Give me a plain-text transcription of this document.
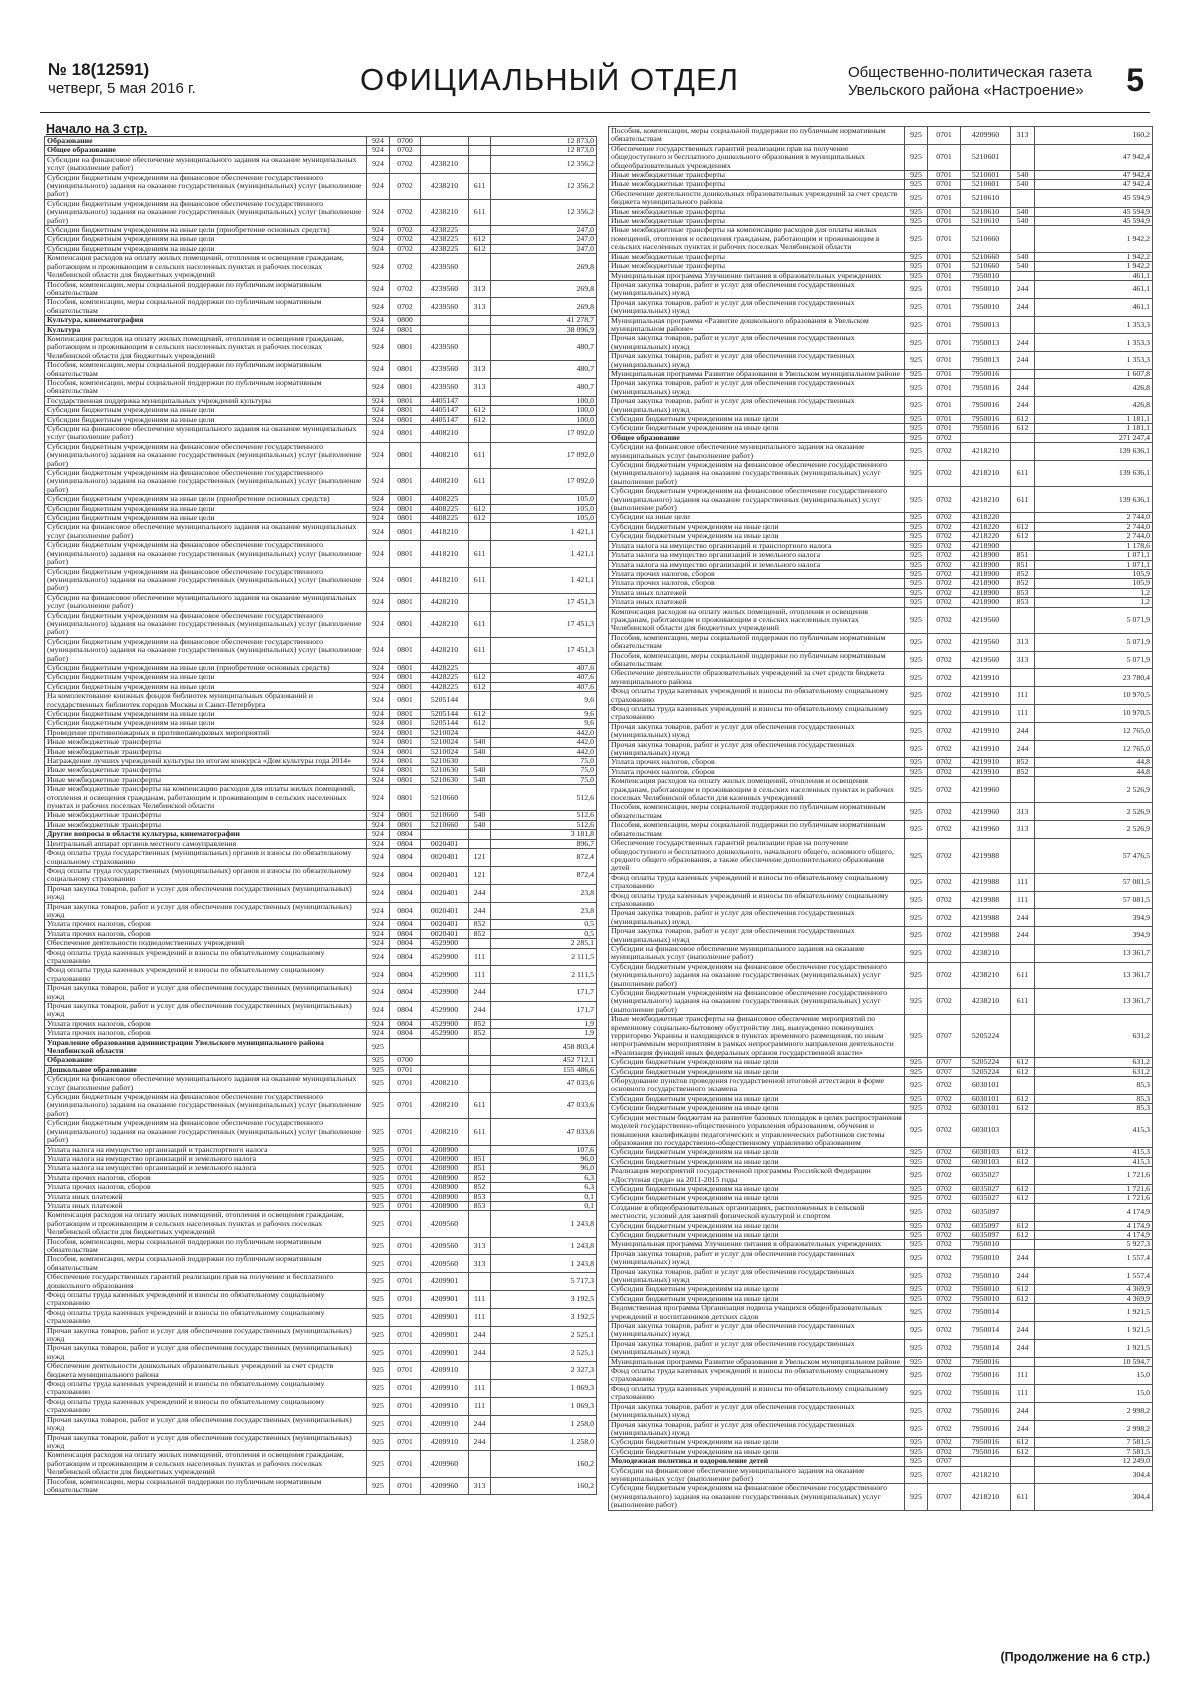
№ 18(12591)
четверг, 5 мая 2016 г.	ОФИЦИАЛЬНЫЙ ОТДЕЛ	Общественно-политическая газета
Увельского района «Настроение» 5
Начало на 3 стр.
Образование	924	0700			12 873,0
Общее образование	924	0702			12 873,0
Субсидии на финансовое обеспечение муниципального задания на оказание муниципальных услуг (выполнение работ)	924	0702	4238210		12 356,2
Субсидии бюджетным учреждениям на финансовое обеспечение государственного (муниципального) задания на оказание государственных (муниципальных) услуг (выполнение работ)	924	0702	4238210	611	12 356,2
Субсидии бюджетным учреждениям на финансовое обеспечение государственного (муниципального) задания на оказание государственных (муниципальных) услуг (выполнение работ)	924	0702	4238210	611	12 356,2
Субсидии бюджетным учреждениям на иные цели (приобретение основных средств)	924	0702	4238225		247,0
Субсидии бюджетным учреждениям на иные цели	924	0702	4238225	612	247,0
Субсидии бюджетным учреждениям на иные цели	924	0702	4238225	612	247,0
Компенсация расходов на оплату жилых помещений, отопления и освещения гражданам, работающим и проживающим в сельских населенных пунктах и рабочих поселках Челябинской области для бюджетных учреждений	924	0702	4239560		269,8
Пособия, компенсации, меры социальной поддержки по публичным нормативным обязательствам	924	0702	4239560	313	269,8
Пособия, компенсации, меры социальной поддержки по публичным нормативным обязательствам	924	0702	4239560	313	269,8
Культура, кинематография	924	0800			41 278,7
Культура	924	0801			38 096,9
Компенсация расходов на оплату жилых помещений, отопления и освещения гражданам, работающим и проживающим в сельских населенных пунктах и рабочих поселках Челябинской области для бюджетных учреждений	924	0801	4239560		480,7
Пособия, компенсации, меры социальной поддержки по публичным нормативным обязательствам	924	0801	4239560	313	480,7
Пособия, компенсации, меры социальной поддержки по публичным нормативным обязательствам	924	0801	4239560	313	480,7
Государственная поддержка муниципальных учреждений культуры	924	0801	4405147		100,0
Субсидии бюджетным учреждениям на иные цели	924	0801	4405147	612	100,0
Субсидии бюджетным учреждениям на иные цели	924	0801	4405147	612	100,0
Субсидии на финансовое обеспечение муниципального задания на оказание муниципальных услуг (выполнение работ)	924	0801	4408210		17 092,0
Субсидии бюджетным учреждениям на финансовое обеспечение государственного (муниципального) задания на оказание государственных (муниципальных) услуг (выполнение работ)	924	0801	4408210	611	17 092,0
Субсидии бюджетным учреждениям на финансовое обеспечение государственного (муниципального) задания на оказание государственных (муниципальных) услуг (выполнение работ)	924	0801	4408210	611	17 092,0
Субсидии бюджетным учреждениям на иные цели (приобретение основных средств)	924	0801	4408225		105,0
Субсидии бюджетным учреждениям на иные цели	924	0801	4408225	612	105,0
Субсидии бюджетным учреждениям на иные цели	924	0801	4408225	612	105,0
Субсидии на финансовое обеспечение муниципального задания на оказание муниципальных услуг (выполнение работ)	924	0801	4418210		1 421,1
Субсидии бюджетным учреждениям на финансовое обеспечение государственного (муниципального) задания на оказание государственных (муниципальных) услуг (выполнение работ)	924	0801	4418210	611	1 421,1
Субсидии бюджетным учреждениям на финансовое обеспечение государственного (муниципального) задания на оказание государственных (муниципальных) услуг (выполнение работ)	924	0801	4418210	611	1 421,1
Субсидии на финансовое обеспечение муниципального задания на оказание муниципальных услуг (выполнение работ)	924	0801	4428210		17 451,3
Субсидии бюджетным учреждениям на финансовое обеспечение государственного (муниципального) задания на оказание государственных (муниципальных) услуг (выполнение работ)	924	0801	4428210	611	17 451,3
Субсидии бюджетным учреждениям на финансовое обеспечение государственного (муниципального) задания на оказание государственных (муниципальных) услуг (выполнение работ)	924	0801	4428210	611	17 451,3
Субсидии бюджетным учреждениям на иные цели (приобретение основных средств)	924	0801	4428225		407,6
Субсидии бюджетным учреждениям на иные цели	924	0801	4428225	612	407,6
Субсидии бюджетным учреждениям на иные цели	924	0801	4428225	612	407,6
На комплектование книжных фондов библиотек муниципальных образований и государственных библиотек городов Москвы и Санкт-Петербурга	924	0801	5205144		9,6
Субсидии бюджетным учреждениям на иные цели	924	0801	5205144	612	9,6
Субсидии бюджетным учреждениям на иные цели	924	0801	5205144	612	9,6
Проведение противопожарных и противопаводковых мероприятий	924	0801	5210024		442,0
Иные межбюджетные трансферты	924	0801	5210024	540	442,0
Иные межбюджетные трансферты	924	0801	5210024	540	442,0
Награждение лучших учреждений культуры по итогам конкурса «Дом культуры года 2014»	924	0801	5210630		75,0
Иные межбюджетные трансферты	924	0801	5210630	540	75,0
Иные межбюджетные трансферты	924	0801	5210630	540	75,0
Иные межбюджетные трансферты на компенсацию расходов для оплаты жилых помещений, отопления и освещения гражданам, работающим и проживающим в сельских населенных пунктах и рабочих поселках Челябинской области	924	0801	5210660		512,6
Иные межбюджетные трансферты	924	0801	5210660	540	512,6
Иные межбюджетные трансферты	924	0801	5210660	540	512,6
Другие вопросы в области культуры, кинематографии	924	0804			3 181,8
Центральный аппарат органов местного самоуправления	924	0804	0020401		896,7
Фонд оплаты труда государственных (муниципальных) органов и взносы по обязательному социальному страхованию	924	0804	0020401	121	872,4
Фонд оплаты труда государственных (муниципальных) органов и взносы по обязательному социальному страхованию	924	0804	0020401	121	872,4
Прочая закупка товаров, работ и услуг для обеспечения государственных (муниципальных) нужд	924	0804	0020401	244	23,8
Прочая закупка товаров, работ и услуг для обеспечения государственных (муниципальных) нужд	924	0804	0020401	244	23,8
Уплата прочих налогов, сборов	924	0804	0020401	852	0,5
Уплата прочих налогов, сборов	924	0804	0020401	852	0,5
Обеспечение деятельности подведомственных учреждений	924	0804	4529900		2 285,1
Фонд оплаты труда казенных учреждений и взносы по обязательному социальному страхованию	924	0804	4529900	111	2 111,5
Фонд оплаты труда казенных учреждений и взносы по обязательному социальному страхованию	924	0804	4529900	111	2 111,5
Прочая закупка товаров, работ и услуг для обеспечения государственных (муниципальных) нужд	924	0804	4529900	244	171,7
Прочая закупка товаров, работ и услуг для обеспечения государственных (муниципальных) нужд	924	0804	4529900	244	171,7
Уплата прочих налогов, сборов	924	0804	4529900	852	1,9
Уплата прочих налогов, сборов	924	0804	4529900	852	1,9
Управление образования администрации Увельского муниципального района Челябинской области	925				458 803,4
Образование	925	0700			452 712,1
Дошкольное образование	925	0701			155 486,6
Субсидии на финансовое обеспечение муниципального задания на оказание муниципальных услуг (выполнение работ)	925	0701	4208210		47 033,6
Субсидии бюджетным учреждениям на финансовое обеспечение государственного (муниципального) задания на оказание государственных (муниципальных) услуг (выполнение работ)	925	0701	4208210	611	47 033,6
Субсидии бюджетным учреждениям на финансовое обеспечение государственного (муниципального) задания на оказание государственных (муниципальных) услуг (выполнение работ)	925	0701	4208210	611	47 033,6
Уплата налога на имущество организаций и транспортного налога	925	0701	4208900		107,6
Уплата налога на имущество организаций и земельного налога	925	0701	4208900	851	96,0
Уплата налога на имущество организаций и земельного налога	925	0701	4208900	851	96,0
Уплата прочих налогов, сборов	925	0701	4208900	852	6,3
Уплата прочих налогов, сборов	925	0701	4208900	852	6,3
Уплата иных платежей	925	0701	4208900	853	0,1
Уплата иных платежей	925	0701	4208900	853	0,1
Компенсация расходов на оплату жилых помещений, отопления и освещения гражданам, работающим и проживающим в сельских населенных пунктах и рабочих поселках Челябинской области для бюджетных учреждений	925	0701	4209560		1 243,8
Пособия, компенсации, меры социальной поддержки по публичным нормативным обязательствам	925	0701	4209560	313	1 243,8
Пособия, компенсации, меры социальной поддержки по публичным нормативным обязательствам	925	0701	4209560	313	1 243,8
Обеспечение государственных гарантий реализации прав на получение и бесплатного дошкольного образования	925	0701	4209901		5 717,3
Фонд оплаты труда казенных учреждений и взносы по обязательному социальному страхованию	925	0701	4209901	111	3 192,5
Фонд оплаты труда казенных учреждений и взносы по обязательному социальному страхованию	925	0701	4209901	111	3 192,5
Прочая закупка товаров, работ и услуг для обеспечения государственных (муниципальных) нужд	925	0701	4209901	244	2 525,1
Прочая закупка товаров, работ и услуг для обеспечения государственных (муниципальных) нужд	925	0701	4209901	244	2 525,1
Обеспечение деятельности дошкольных образовательных учреждений за счет средств бюджета муниципального района	925	0701	4209910		2 327,3
Фонд оплаты труда казенных учреждений и взносы по обязательному социальному страхованию	925	0701	4209910	111	1 069,3
Фонд оплаты труда казенных учреждений и взносы по обязательному социальному страхованию	925	0701	4209910	111	1 069,3
Прочая закупка товаров, работ и услуг для обеспечения государственных (муниципальных) нужд	925	0701	4209910	244	1 258,0
Прочая закупка товаров, работ и услуг для обеспечения государственных (муниципальных) нужд	925	0701	4209910	244	1 258,0
Компенсация расходов на оплату жилых помещений, отопления и освещения гражданам, работающим и проживающим в сельских населенных пунктах и рабочих поселках Челябинской области для бюджетных учреждений	925	0701	4209960		160,2
Пособия, компенсации, меры социальной поддержки по публичным нормативным обязательствам	925	0701	4209960	313	160,2
Пособия, компенсации, меры социальной поддержки по публичным нормативным обязательствам	925	0701	4209960	313	160,2
Обеспечение государственных гарантий реализации прав на получение общедоступного и бесплатного дошкольного образования в муниципальных общеобразовательных учреждениях	925	0701	5210601		47 942,4
Иные межбюджетные трансферты	925	0701	5210601	540	47 942,4
Иные межбюджетные трансферты	925	0701	5210601	540	47 942,4
Обеспечение деятельности дошкольных образовательных учреждений за счет средств бюджета муниципального района	925	0701	5210610		45 594,9
Иные межбюджетные трансферты	925	0701	5210610	540	45 594,9
Иные межбюджетные трансферты	925	0701	5210610	540	45 594,9
Иные межбюджетные трансферты на компенсацию расходов для оплаты жилых помещений, отопления и освещения гражданам, работающим и проживающим в сельских населенных пунктах и рабочих поселках Челябинской области	925	0701	5210660		1 942,2
Иные межбюджетные трансферты	925	0701	5210660	540	1 942,2
Иные межбюджетные трансферты	925	0701	5210660	540	1 942,2
Муниципальная программа Улучшение питания в образовательных учреждениях	925	0701	7950010		461,1
Прочая закупка товаров, работ и услуг для обеспечения государственных (муниципальных) нужд	925	0701	7950010	244	461,1
Прочая закупка товаров, работ и услуг для обеспечения государственных (муниципальных) нужд	925	0701	7950010	244	461,1
Муниципальная программа «Развитие дошкольного образования в Увельском муниципальном районе»	925	0701	7950013		1 353,3
Прочая закупка товаров, работ и услуг для обеспечения государственных (муниципальных) нужд	925	0701	7950013	244	1 353,3
Прочая закупка товаров, работ и услуг для обеспечения государственных (муниципальных) нужд	925	0701	7950013	244	1 353,3
Муниципальная программа Развитие образования в Увельском муниципальном районе	925	0701	7950016		1 607,8
Прочая закупка товаров, работ и услуг для обеспечения государственных (муниципальных) нужд	925	0701	7950016	244	426,8
Прочая закупка товаров, работ и услуг для обеспечения государственных (муниципальных) нужд	925	0701	7950016	244	426,8
Субсидии бюджетным учреждениям на иные цели	925	0701	7950016	612	1 181,1
Субсидии бюджетным учреждениям на иные цели	925	0701	7950016	612	1 181,1
Общее образование	925	0702			271 247,4
Субсидии на финансовое обеспечение муниципального задания на оказание муниципальных услуг (выполнение работ)	925	0702	4218210		139 636,1
Субсидии бюджетным учреждениям на финансовое обеспечение государственного (муниципального) задания на оказание государственных (муниципальных) услуг (выполнение работ)	925	0702	4218210	611	139 636,1
Субсидии бюджетным учреждениям на финансовое обеспечение государственного (муниципального) задания на оказание государственных (муниципальных) услуг (выполнение работ)	925	0702	4218210	611	139 636,1
Субсидии на иные цели	925	0702	4218220		2 744,0
Субсидии бюджетным учреждениям на иные цели	925	0702	4218220	612	2 744,0
Субсидии бюджетным учреждениям на иные цели	925	0702	4218220	612	2 744,0
Уплата налога на имущество организаций и транспортного налога	925	0702	4218900		1 178,6
Уплата налога на имущество организаций и земельного налога	925	0702	4218900	851	1 071,1
Уплата налога на имущество организаций и земельного налога	925	0702	4218900	851	1 071,1
Уплата прочих налогов, сборов	925	0702	4218900	852	105,9
Уплата прочих налогов, сборов	925	0702	4218900	852	105,9
Уплата иных платежей	925	0702	4218900	853	1,2
Уплата иных платежей	925	0702	4218900	853	1,2
Компенсация расходов на оплату жилых помещений, отопления и освещения гражданам, работающим и проживающим в сельских населенных пунктах Челябинской области для бюджетных учреждений	925	0702	4219560		5 071,9
Пособия, компенсации, меры социальной поддержки по публичным нормативным обязательствам	925	0702	4219560	313	5 071,9
Пособия, компенсации, меры социальной поддержки по публичным нормативным обязательствам	925	0702	4219560	313	5 071,9
Обеспечение деятельности образовательных учреждений за счет средств бюджета муниципального района	925	0702	4219910		23 780,4
Фонд оплаты труда казенных учреждений и взносы по обязательному социальному страхованию	925	0702	4219910	111	10 970,5
Фонд оплаты труда казенных учреждений и взносы по обязательному социальному страхованию	925	0702	4219910	111	10 970,5
Прочая закупка товаров, работ и услуг для обеспечения государственных (муниципальных) нужд	925	0702	4219910	244	12 765,0
Прочая закупка товаров, работ и услуг для обеспечения государственных (муниципальных) нужд	925	0702	4219910	244	12 765,0
Уплата прочих налогов, сборов	925	0702	4219910	852	44,8
Уплата прочих налогов, сборов	925	0702	4219910	852	44,8
Компенсация расходов на оплату жилых помещений, отопления и освещения гражданам, работающим и проживающим в сельских населенных пунктах и рабочих поселках Челябинской области для казенных учреждений	925	0702	4219960		2 526,9
Пособия, компенсации, меры социальной поддержки по публичным нормативным обязательствам	925	0702	4219960	313	2 526,9
Пособия, компенсации, меры социальной поддержки по публичным нормативным обязательствам	925	0702	4219960	313	2 526,9
Обеспечение государственных гарантий реализации прав на получение общедоступного и бесплатного дошкольного, начального общего, основного общего, среднего общего образования, а также обеспечение дополнительного образования детей	925	0702	4219988		57 476,5
Фонд оплаты труда казенных учреждений и взносы по обязательному социальному страхованию	925	0702	4219988	111	57 081,5
Фонд оплаты труда казенных учреждений и взносы по обязательному социальному страхованию	925	0702	4219988	111	57 081,5
Прочая закупка товаров, работ и услуг для обеспечения государственных (муниципальных) нужд	925	0702	4219988	244	394,9
Прочая закупка товаров, работ и услуг для обеспечения государственных (муниципальных) нужд	925	0702	4219988	244	394,9
Субсидии на финансовое обеспечение муниципального задания на оказание муниципальных услуг (выполнение работ)	925	0702	4238210		13 361,7
Субсидии бюджетным учреждениям на финансовое обеспечение государственного (муниципального) задания на оказание государственных (муниципальных) услуг (выполнение работ)	925	0702	4238210	611	13 361,7
Субсидии бюджетным учреждениям на финансовое обеспечение государственного (муниципального) задания на оказание государственных (муниципальных) услуг (выполнение работ)	925	0702	4238210	611	13 361,7
Иные межбюджетные трансферты на финансовое обеспечение мероприятий по временному социально-бытовому обустройству лиц, вынужденно покинувших территорию Украины и находящихся в пунктах временного размещения, по иным непрограммным мероприятиям в рамках непрограммного направления деятельности «Реализация функций иных федеральных органов государственной власти»	925	0707	5205224		631,2
Субсидии бюджетным учреждениям на иные цели	925	0707	5205224	612	631,2
Субсидии бюджетным учреждениям на иные цели	925	0707	5205224	612	631,2
Оборудование пунктов проведения государственной итоговой аттестации в форме основного государственного экзамена	925	0702	6030101		85,3
Субсидии бюджетным учреждениям на иные цели	925	0702	6030101	612	85,3
Субсидии бюджетным учреждениям на иные цели	925	0702	6030101	612	85,3
Субсидии местным бюджетам на развитие базовых площадок в целях распространения моделей государственно-общественного управления образованием, обучения и повышения квалификации педагогических и управленческих работников системы образования по государственно-общественному управлению образованием	925	0702	6030103		415,3
Субсидии бюджетным учреждениям на иные цели	925	0702	6030103	612	415,3
Субсидии бюджетным учреждениям на иные цели	925	0702	6030103	612	415,3
Реализация мероприятий государственной программы Российской Федерации «Доступная среда» на 2011-2015 годы	925	0702	6035027		1 721,6
Субсидии бюджетным учреждениям на иные цели	925	0702	6035027	612	1 721,6
Субсидии бюджетным учреждениям на иные цели	925	0702	6035027	612	1 721,6
Создание в общеобразовательных организациях, расположенных в сельской местности, условий для занятий физической культурой и спортом	925	0702	6035097		4 174,9
Субсидии бюджетным учреждениям на иные цели	925	0702	6035097	612	4 174,9
Субсидии бюджетным учреждениям на иные цели	925	0702	6035097	612	4 174,9
Муниципальная программа Улучшение питания в образовательных учреждениях	925	0702	7950010		5 927,3
Прочая закупка товаров, работ и услуг для обеспечения государственных (муниципальных) нужд	925	0702	7950010	244	1 557,4
Прочая закупка товаров, работ и услуг для обеспечения государственных (муниципальных) нужд	925	0702	7950010	244	1 557,4
Субсидии бюджетным учреждениям на иные цели	925	0702	7950010	612	4 369,9
Субсидии бюджетным учреждениям на иные цели	925	0702	7950010	612	4 369,9
Ведомственная программа Организация подвоза учащихся общеобразовательных учреждений и воспитанников детских садов	925	0702	7950014		1 921,5
Прочая закупка товаров, работ и услуг для обеспечения государственных (муниципальных) нужд	925	0702	7950014	244	1 921,5
Прочая закупка товаров, работ и услуг для обеспечения государственных (муниципальных) нужд	925	0702	7950014	244	1 921,5
Муниципальная программа Развитие образования в Увельском муниципальном районе	925	0702	7950016		10 594,7
Фонд оплаты труда казенных учреждений и взносы по обязательному социальному страхованию	925	0702	7950016	111	15,0
Фонд оплаты труда казенных учреждений и взносы по обязательному социальному страхованию	925	0702	7950016	111	15,0
Прочая закупка товаров, работ и услуг для обеспечения государственных (муниципальных) нужд	925	0702	7950016	244	2 998,2
Прочая закупка товаров, работ и услуг для обеспечения государственных (муниципальных) нужд	925	0702	7950016	244	2 998,2
Субсидии бюджетным учреждениям на иные цели	925	0702	7950016	612	7 581,5
Субсидии бюджетным учреждениям на иные цели	925	0702	7950016	612	7 581,5
Молодежная политика и оздоровление детей	925	0707			12 249,0
Субсидии на финансовое обеспечение муниципального задания на оказание муниципальных услуг (выполнение работ)	925	0707	4218210		304,4
Субсидии бюджетным учреждениям на финансовое обеспечение государственного (муниципального) задания на оказание государственных (муниципальных) услуг (выполнение работ)	925	0707	4218210	611	304,4
(Продолжение на 6 стр.)
